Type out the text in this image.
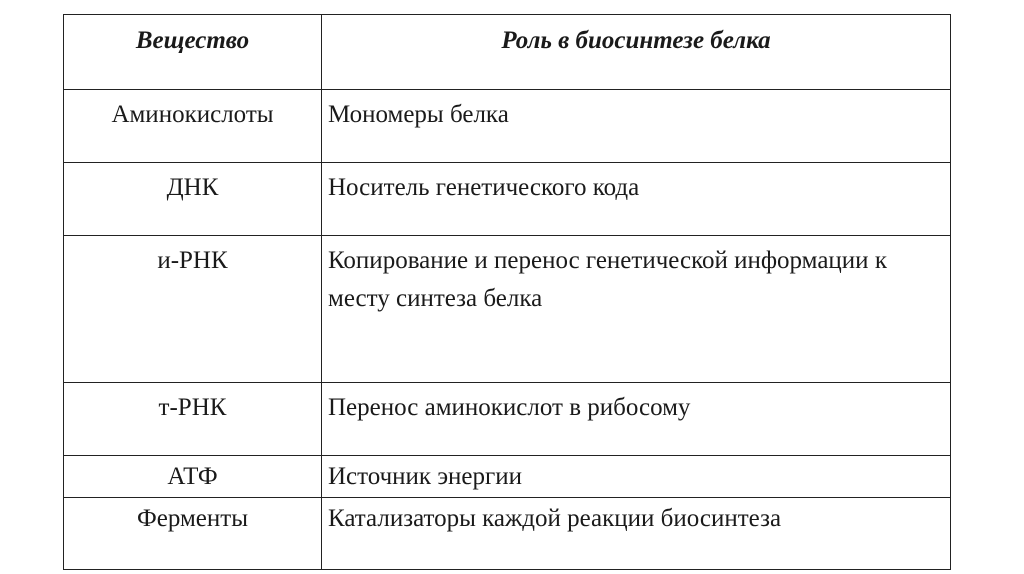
Вещество	Роль в биосинтезе белка

Аминокислоты	Мономеры белка

ДНК	Носитель генетического кода

и-РНК	Копирование и перенос генетической информации к месту синтеза белка

т-РНК	Перенос аминокислот в рибосому

АТФ	Источник энергии

Ферменты	Катализаторы каждой реакции биосинтеза
